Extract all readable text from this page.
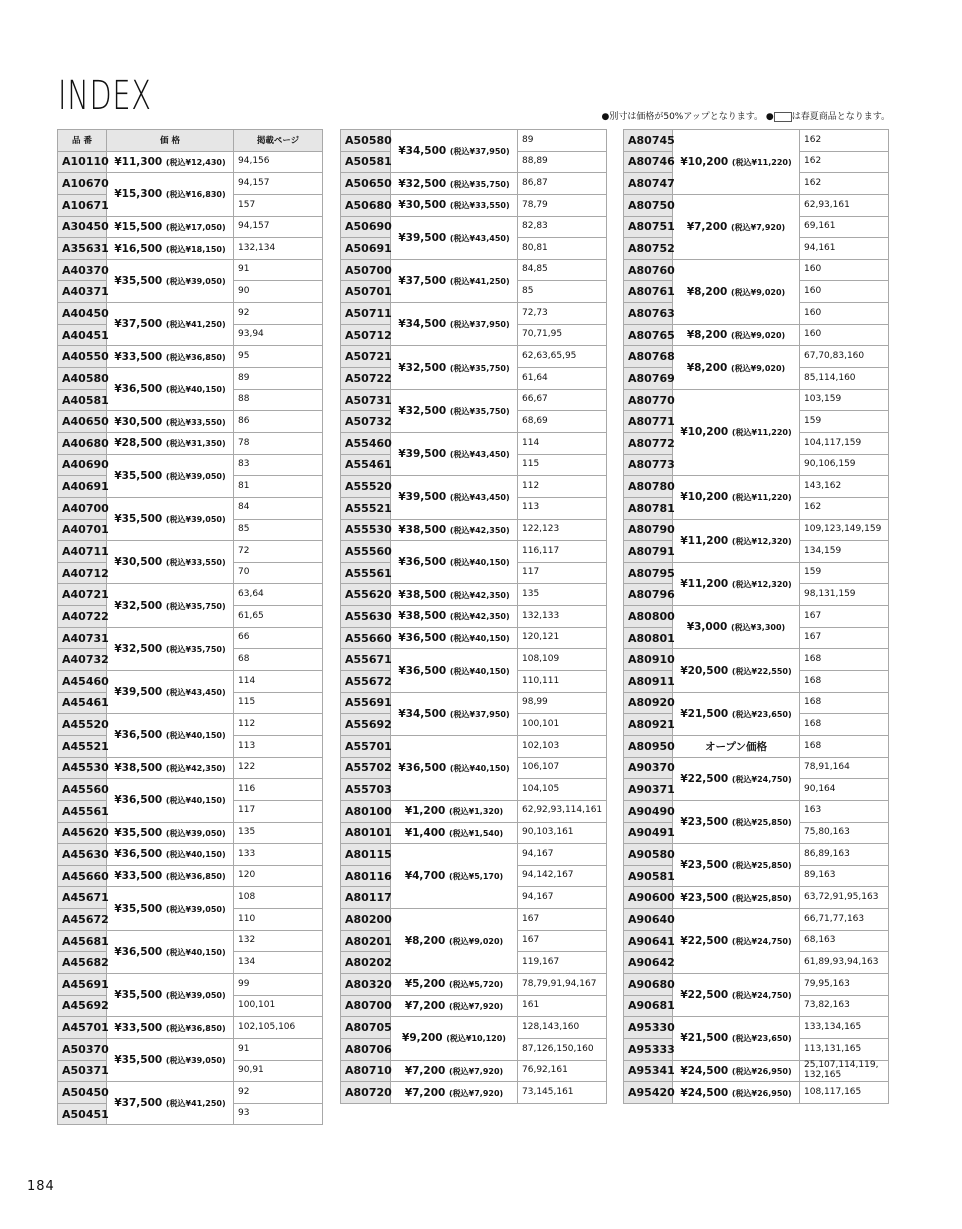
INDEX	●別寸は価格が50%アップとなります。 ● は春夏商品となります。
品 番	価 格	掲載ページ
A10110	¥11,300 (税込¥12,430)	94,156
A10670	¥15,300 (税込¥16,830)	94,157
A10671		157
A30450	¥15,500 (税込¥17,050)	94,157
A35631	¥16,500 (税込¥18,150)	132,134
A40370	¥35,500 (税込¥39,050)	91
A40371		90
A40450	¥37,500 (税込¥41,250)	92
A40451		93,94
A40550	¥33,500 (税込¥36,850)	95
A40580	¥36,500 (税込¥40,150)	89
A40581		88
A40650	¥30,500 (税込¥33,550)	86
A40680	¥28,500 (税込¥31,350)	78
A40690	¥35,500 (税込¥39,050)	83
A40691		81
A40700	¥35,500 (税込¥39,050)	84
A40701		85
A40711	¥30,500 (税込¥33,550)	72
A40712		70
A40721	¥32,500 (税込¥35,750)	63,64
A40722		61,65
A40731	¥32,500 (税込¥35,750)	66
A40732		68
A45460	¥39,500 (税込¥43,450)	114
A45461		115
A45520	¥36,500 (税込¥40,150)	112
A45521		113
A45530	¥38,500 (税込¥42,350)	122
A45560	¥36,500 (税込¥40,150)	116
A45561		117
A45620	¥35,500 (税込¥39,050)	135
A45630	¥36,500 (税込¥40,150)	133
A45660	¥33,500 (税込¥36,850)	120
A45671	¥35,500 (税込¥39,050)	108
A45672		110
A45681	¥36,500 (税込¥40,150)	132
A45682		134
A45691	¥35,500 (税込¥39,050)	99
A45692		100,101
A45701	¥33,500 (税込¥36,850)	102,105,106
A50370	¥35,500 (税込¥39,050)	91
A50371		90,91
A50450	¥37,500 (税込¥41,250)	92
A50451		93
A50580	¥34,500 (税込¥37,950)	89
A50581		88,89
A50650	¥32,500 (税込¥35,750)	86,87
A50680	¥30,500 (税込¥33,550)	78,79
A50690	¥39,500 (税込¥43,450)	82,83
A50691		80,81
A50700	¥37,500 (税込¥41,250)	84,85
A50701		85
A50711	¥34,500 (税込¥37,950)	72,73
A50712		70,71,95
A50721	¥32,500 (税込¥35,750)	62,63,65,95
A50722		61,64
A50731	¥32,500 (税込¥35,750)	66,67
A50732		68,69
A55460	¥39,500 (税込¥43,450)	114
A55461		115
A55520	¥39,500 (税込¥43,450)	112
A55521		113
A55530	¥38,500 (税込¥42,350)	122,123
A55560	¥36,500 (税込¥40,150)	116,117
A55561		117
A55620	¥38,500 (税込¥42,350)	135
A55630	¥38,500 (税込¥42,350)	132,133
A55660	¥36,500 (税込¥40,150)	120,121
A55671	¥36,500 (税込¥40,150)	108,109
A55672		110,111
A55691	¥34,500 (税込¥37,950)	98,99
A55692		100,101
A55701	¥36,500 (税込¥40,150)	102,103
A55702		106,107
A55703		104,105
A80100	¥1,200 (税込¥1,320)	62,92,93,114,161
A80101	¥1,400 (税込¥1,540)	90,103,161
A80115	¥4,700 (税込¥5,170)	94,167
A80116		94,142,167
A80117		94,167
A80200	¥8,200 (税込¥9,020)	167
A80201		167
A80202		119,167
A80320	¥5,200 (税込¥5,720)	78,79,91,94,167
A80700	¥7,200 (税込¥7,920)	161
A80705	¥9,200 (税込¥10,120)	128,143,160
A80706		87,126,150,160
A80710	¥7,200 (税込¥7,920)	76,92,161
A80720	¥7,200 (税込¥7,920)	73,145,161
A80745	¥10,200 (税込¥11,220)	162
A80746		162
A80747		162
A80750	¥7,200 (税込¥7,920)	62,93,161
A80751		69,161
A80752		94,161
A80760	¥8,200 (税込¥9,020)	160
A80761		160
A80763		160
A80765	¥8,200 (税込¥9,020)	160
A80768	¥8,200 (税込¥9,020)	67,70,83,160
A80769		85,114,160
A80770	¥10,200 (税込¥11,220)	103,159
A80771		159
A80772		104,117,159
A80773		90,106,159
A80780	¥10,200 (税込¥11,220)	143,162
A80781		162
A80790	¥11,200 (税込¥12,320)	109,123,149,159
A80791		134,159
A80795	¥11,200 (税込¥12,320)	159
A80796		98,131,159
A80800	¥3,000 (税込¥3,300)	167
A80801		167
A80910	¥20,500 (税込¥22,550)	168
A80911		168
A80920	¥21,500 (税込¥23,650)	168
A80921		168
A80950	オープン価格	168
A90370	¥22,500 (税込¥24,750)	78,91,164
A90371		90,164
A90490	¥23,500 (税込¥25,850)	163
A90491		75,80,163
A90580	¥23,500 (税込¥25,850)	86,89,163
A90581		89,163
A90600	¥23,500 (税込¥25,850)	63,72,91,95,163
A90640	¥22,500 (税込¥24,750)	66,71,77,163
A90641		68,163
A90642		61,89,93,94,163
A90680	¥22,500 (税込¥24,750)	79,95,163
A90681		73,82,163
A95330	¥21,500 (税込¥23,650)	133,134,165
A95333		113,131,165
A95341	¥24,500 (税込¥26,950)	25,107,114,119, 132,165
A95420	¥24,500 (税込¥26,950)	108,117,165
184
